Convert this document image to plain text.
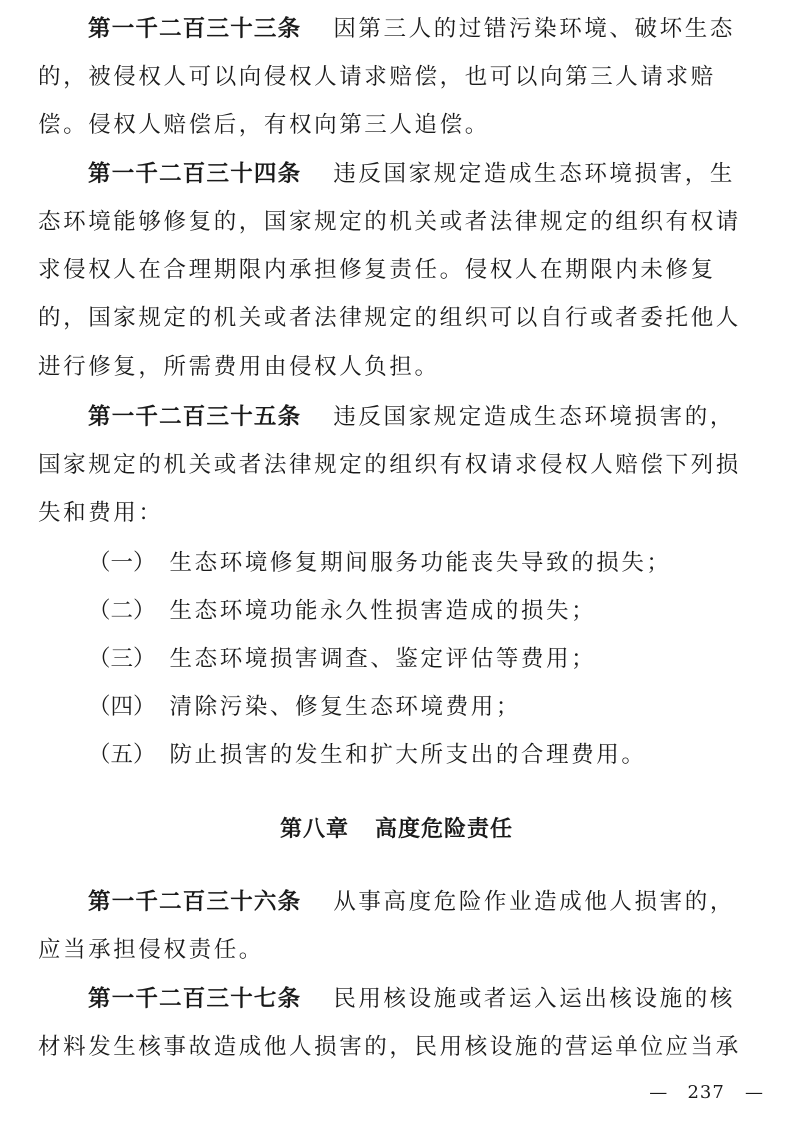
第一千二百三十三条 因第三人的过错污染环境、破坏生态
的，被侵权人可以向侵权人请求赔偿，也可以向第三人请求赔
偿。侵权人赔偿后，有权向第三人追偿。
第一千二百三十四条 违反国家规定造成生态环境损害，生
态环境能够修复的，国家规定的机关或者法律规定的组织有权请
求侵权人在合理期限内承担修复责任。侵权人在期限内未修复
的，国家规定的机关或者法律规定的组织可以自行或者委托他人
进行修复，所需费用由侵权人负担。
第一千二百三十五条 违反国家规定造成生态环境损害的，
国家规定的机关或者法律规定的组织有权请求侵权人赔偿下列损
失和费用：
（一） 生态环境修复期间服务功能丧失导致的损失；
（二） 生态环境功能永久性损害造成的损失；
（三） 生态环境损害调查、鉴定评估等费用；
（四） 清除污染、修复生态环境费用；
（五） 防止损害的发生和扩大所支出的合理费用。
第八章 高度危险责任
第一千二百三十六条 从事高度危险作业造成他人损害的，
应当承担侵权责任。
第一千二百三十七条 民用核设施或者运入运出核设施的核
材料发生核事故造成他人损害的，民用核设施的营运单位应当承
— 237 —
